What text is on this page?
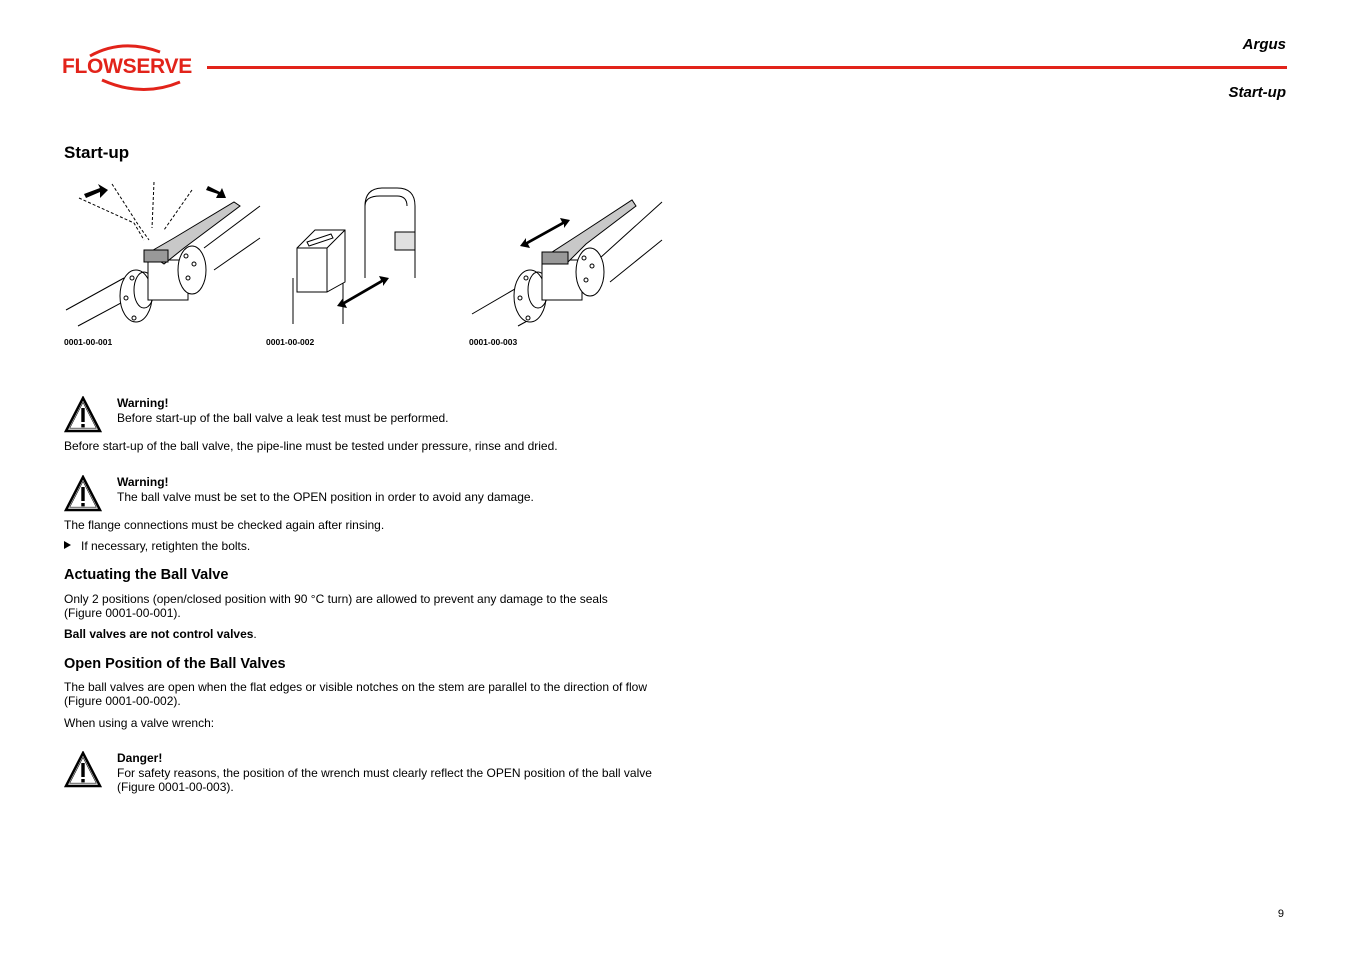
FLOWSERVE
Argus
Start-up
Start-up
0001-00-001	0001-00-002	0001-00-003
Warning!
Before start-up of the ball valve a leak test must be performed.
Before start-up of the ball valve, the pipe-line must be tested under pressure, rinse and dried.
Warning!
The ball valve must be set to the OPEN position in order to avoid any damage.
The flange connections must be checked again after rinsing.
If necessary, retighten the bolts.
Actuating the Ball Valve
Only 2 positions (open/closed position with 90 °C turn) are allowed to prevent any damage to the seals (Figure 0001-00-001).
Ball valves are not control valves.
Open Position of the Ball Valves
The ball valves are open when the flat edges or visible notches on the stem are parallel to the direction of flow (Figure 0001-00-002).
When using a valve wrench:
Danger!
For safety reasons, the position of the wrench must clearly reflect the OPEN position of the ball valve (Figure 0001-00-003).
9
